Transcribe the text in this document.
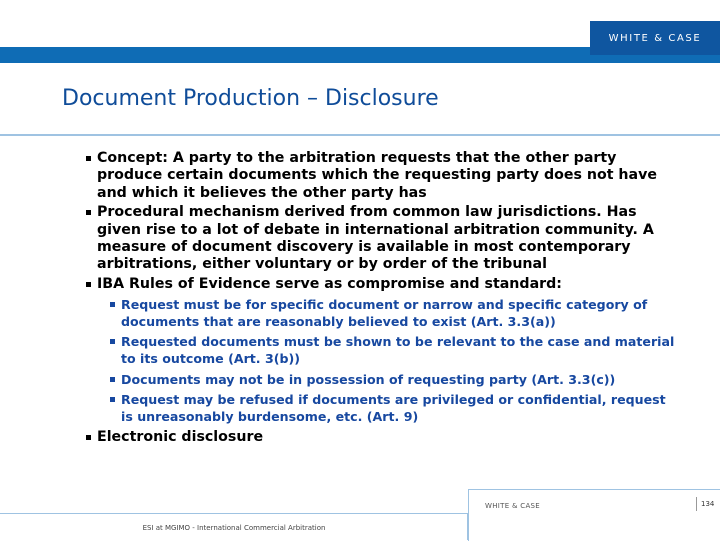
WHITE & CASE
Document Production – Disclosure
Concept: A party to the arbitration requests that the other party produce certain documents which the requesting party does not have and which it believes the other party has
Procedural mechanism derived from common law jurisdictions. Has given rise to a lot of debate in international arbitration community. A measure of document discovery is available in most contemporary arbitrations, either voluntary or by order of the tribunal
IBA Rules of Evidence serve as compromise and standard:
Request must be for specific document or narrow and specific category of documents that are reasonably believed to exist (Art. 3.3(a))
Requested documents must be shown to be relevant to the case and material to its outcome (Art. 3(b))
Documents may not be in possession of requesting party (Art. 3.3(c))
Request may be refused if documents are privileged or confidential, request is unreasonably burdensome, etc. (Art. 9)
Electronic disclosure
WHITE & CASE	134
ESI at MGIMO - International Commercial Arbitration
